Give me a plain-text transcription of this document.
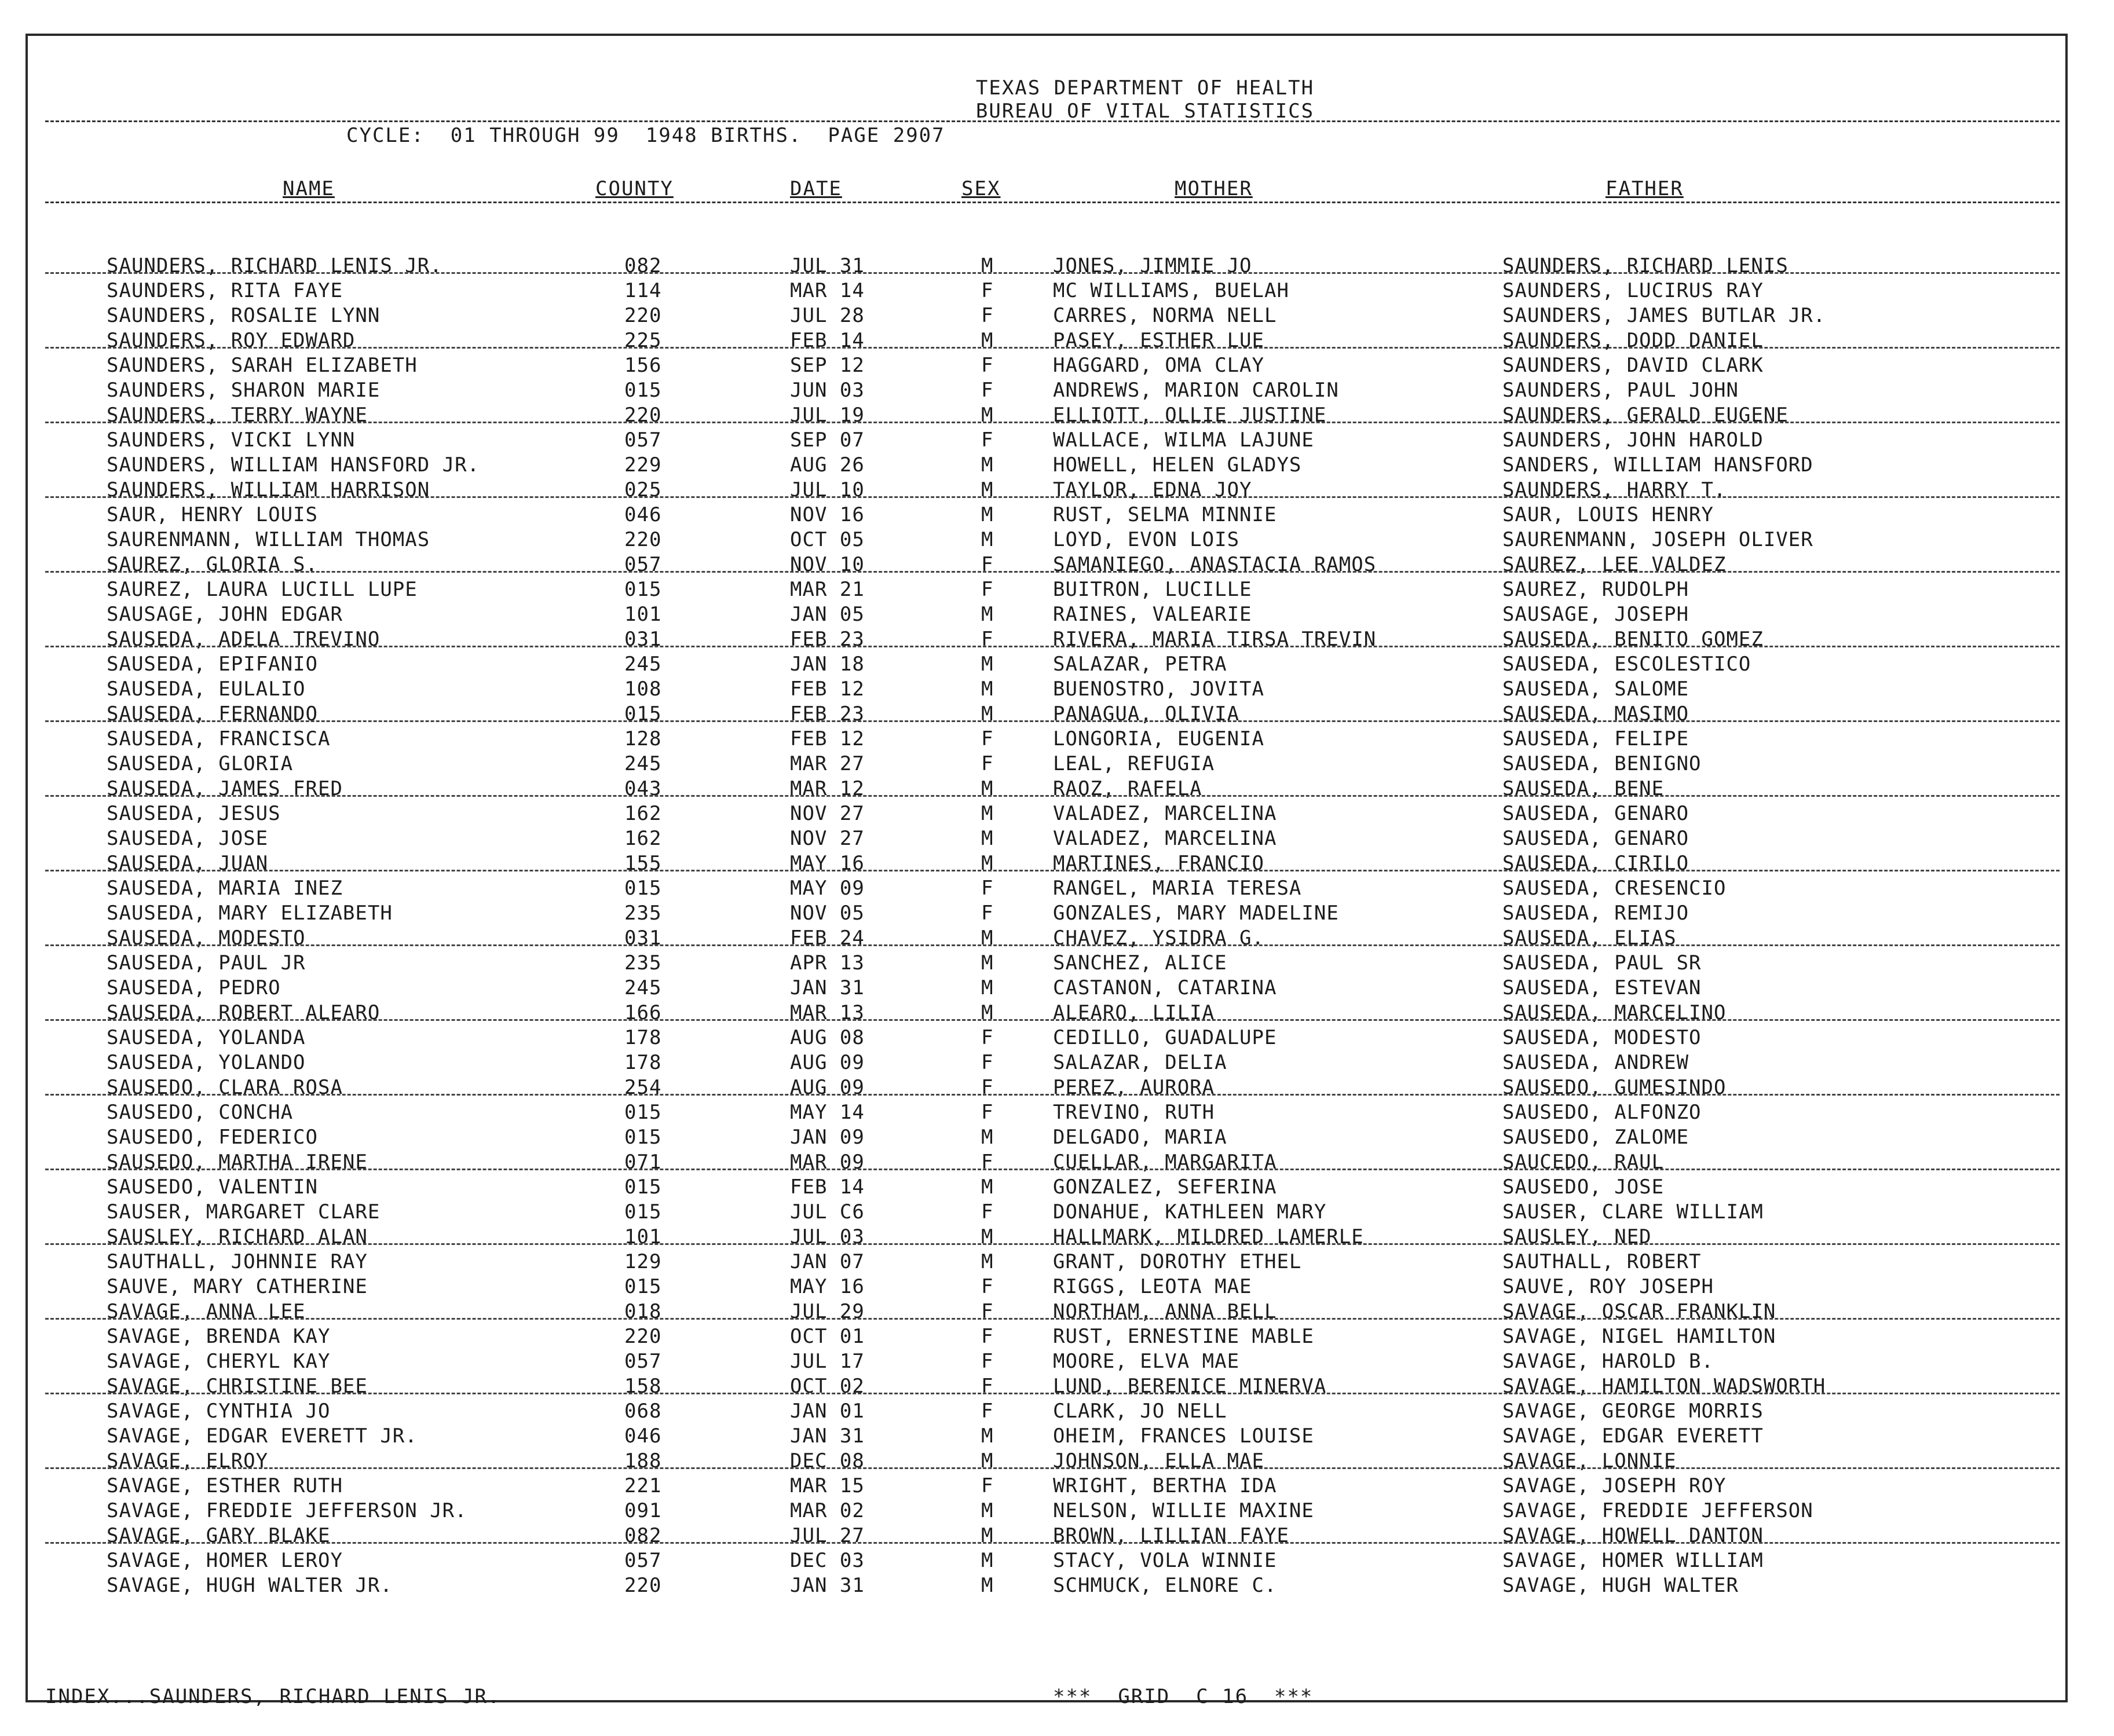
TEXAS DEPARTMENT OF HEALTH
BUREAU OF VITAL STATISTICS
CYCLE:  01 THROUGH 99  1948 BIRTHS.  PAGE 2907
NAME	COUNTY	DATE	SEX	MOTHER	FATHER
SAUNDERS, RICHARD LENIS JR.	082	JUL 31	M	JONES, JIMMIE JO	SAUNDERS, RICHARD LENIS
SAUNDERS, RITA FAYE	114	MAR 14	F	MC WILLIAMS, BUELAH	SAUNDERS, LUCIRUS RAY
SAUNDERS, ROSALIE LYNN	220	JUL 28	F	CARRES, NORMA NELL	SAUNDERS, JAMES BUTLAR JR.
SAUNDERS, ROY EDWARD	225	FEB 14	M	PASEY, ESTHER LUE	SAUNDERS, DODD DANIEL
SAUNDERS, SARAH ELIZABETH	156	SEP 12	F	HAGGARD, OMA CLAY	SAUNDERS, DAVID CLARK
SAUNDERS, SHARON MARIE	015	JUN 03	F	ANDREWS, MARION CAROLIN	SAUNDERS, PAUL JOHN
SAUNDERS, TERRY WAYNE	220	JUL 19	M	ELLIOTT, OLLIE JUSTINE	SAUNDERS, GERALD EUGENE
SAUNDERS, VICKI LYNN	057	SEP 07	F	WALLACE, WILMA LAJUNE	SAUNDERS, JOHN HAROLD
SAUNDERS, WILLIAM HANSFORD JR.	229	AUG 26	M	HOWELL, HELEN GLADYS	SANDERS, WILLIAM HANSFORD
SAUNDERS, WILLIAM HARRISON	025	JUL 10	M	TAYLOR, EDNA JOY	SAUNDERS, HARRY T.
SAUR, HENRY LOUIS	046	NOV 16	M	RUST, SELMA MINNIE	SAUR, LOUIS HENRY
SAURENMANN, WILLIAM THOMAS	220	OCT 05	M	LOYD, EVON LOIS	SAURENMANN, JOSEPH OLIVER
SAUREZ, GLORIA S.	057	NOV 10	F	SAMANIEGO, ANASTACIA RAMOS	SAUREZ, LEE VALDEZ
SAUREZ, LAURA LUCILL LUPE	015	MAR 21	F	BUITRON, LUCILLE	SAUREZ, RUDOLPH
SAUSAGE, JOHN EDGAR	101	JAN 05	M	RAINES, VALEARIE	SAUSAGE, JOSEPH
SAUSEDA, ADELA TREVINO	031	FEB 23	F	RIVERA, MARIA TIRSA TREVIN	SAUSEDA, BENITO GOMEZ
SAUSEDA, EPIFANIO	245	JAN 18	M	SALAZAR, PETRA	SAUSEDA, ESCOLESTICO
SAUSEDA, EULALIO	108	FEB 12	M	BUENOSTRO, JOVITA	SAUSEDA, SALOME
SAUSEDA, FERNANDO	015	FEB 23	M	PANAGUA, OLIVIA	SAUSEDA, MASIMO
SAUSEDA, FRANCISCA	128	FEB 12	F	LONGORIA, EUGENIA	SAUSEDA, FELIPE
SAUSEDA, GLORIA	245	MAR 27	F	LEAL, REFUGIA	SAUSEDA, BENIGNO
SAUSEDA, JAMES FRED	043	MAR 12	M	RAOZ, RAFELA	SAUSEDA, BENE
SAUSEDA, JESUS	162	NOV 27	M	VALADEZ, MARCELINA	SAUSEDA, GENARO
SAUSEDA, JOSE	162	NOV 27	M	VALADEZ, MARCELINA	SAUSEDA, GENARO
SAUSEDA, JUAN	155	MAY 16	M	MARTINES, FRANCIO	SAUSEDA, CIRILO
SAUSEDA, MARIA INEZ	015	MAY 09	F	RANGEL, MARIA TERESA	SAUSEDA, CRESENCIO
SAUSEDA, MARY ELIZABETH	235	NOV 05	F	GONZALES, MARY MADELINE	SAUSEDA, REMIJO
SAUSEDA, MODESTO	031	FEB 24	M	CHAVEZ, YSIDRA G.	SAUSEDA, ELIAS
SAUSEDA, PAUL JR	235	APR 13	M	SANCHEZ, ALICE	SAUSEDA, PAUL SR
SAUSEDA, PEDRO	245	JAN 31	M	CASTANON, CATARINA	SAUSEDA, ESTEVAN
SAUSEDA, ROBERT ALEARO	166	MAR 13	M	ALEARO, LILIA	SAUSEDA, MARCELINO
SAUSEDA, YOLANDA	178	AUG 08	F	CEDILLO, GUADALUPE	SAUSEDA, MODESTO
SAUSEDA, YOLANDO	178	AUG 09	F	SALAZAR, DELIA	SAUSEDA, ANDREW
SAUSEDO, CLARA ROSA	254	AUG 09	F	PEREZ, AURORA	SAUSEDO, GUMESINDO
SAUSEDO, CONCHA	015	MAY 14	F	TREVINO, RUTH	SAUSEDO, ALFONZO
SAUSEDO, FEDERICO	015	JAN 09	M	DELGADO, MARIA	SAUSEDO, ZALOME
SAUSEDO, MARTHA IRENE	071	MAR 09	F	CUELLAR, MARGARITA	SAUCEDO, RAUL
SAUSEDO, VALENTIN	015	FEB 14	M	GONZALEZ, SEFERINA	SAUSEDO, JOSE
SAUSER, MARGARET CLARE	015	JUL C6	F	DONAHUE, KATHLEEN MARY	SAUSER, CLARE WILLIAM
SAUSLEY, RICHARD ALAN	101	JUL 03	M	HALLMARK, MILDRED LAMERLE	SAUSLEY, NED
SAUTHALL, JOHNNIE RAY	129	JAN 07	M	GRANT, DOROTHY ETHEL	SAUTHALL, ROBERT
SAUVE, MARY CATHERINE	015	MAY 16	F	RIGGS, LEOTA MAE	SAUVE, ROY JOSEPH
SAVAGE, ANNA LEE	018	JUL 29	F	NORTHAM, ANNA BELL	SAVAGE, OSCAR FRANKLIN
SAVAGE, BRENDA KAY	220	OCT 01	F	RUST, ERNESTINE MABLE	SAVAGE, NIGEL HAMILTON
SAVAGE, CHERYL KAY	057	JUL 17	F	MOORE, ELVA MAE	SAVAGE, HAROLD B.
SAVAGE, CHRISTINE BEE	158	OCT 02	F	LUND, BERENICE MINERVA	SAVAGE, HAMILTON WADSWORTH
SAVAGE, CYNTHIA JO	068	JAN 01	F	CLARK, JO NELL	SAVAGE, GEORGE MORRIS
SAVAGE, EDGAR EVERETT JR.	046	JAN 31	M	OHEIM, FRANCES LOUISE	SAVAGE, EDGAR EVERETT
SAVAGE, ELROY	188	DEC 08	M	JOHNSON, ELLA MAE	SAVAGE, LONNIE
SAVAGE, ESTHER RUTH	221	MAR 15	F	WRIGHT, BERTHA IDA	SAVAGE, JOSEPH ROY
SAVAGE, FREDDIE JEFFERSON JR.	091	MAR 02	M	NELSON, WILLIE MAXINE	SAVAGE, FREDDIE JEFFERSON
SAVAGE, GARY BLAKE	082	JUL 27	M	BROWN, LILLIAN FAYE	SAVAGE, HOWELL DANTON
SAVAGE, HOMER LEROY	057	DEC 03	M	STACY, VOLA WINNIE	SAVAGE, HOMER WILLIAM
SAVAGE, HUGH WALTER JR.	220	JAN 31	M	SCHMUCK, ELNORE C.	SAVAGE, HUGH WALTER
INDEX...SAUNDERS, RICHARD LENIS JR.	***  GRID  C 16  ***
